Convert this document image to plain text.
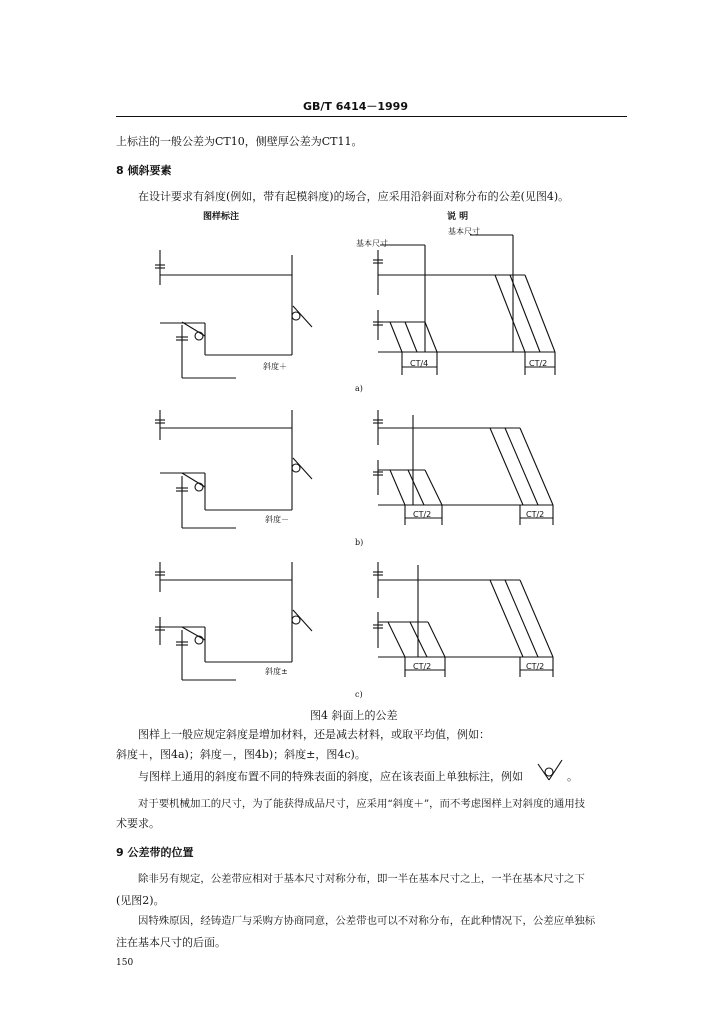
GB/T 6414－1999
上标注的一般公差为CT10，侧壁厚公差为CT11。
8 倾斜要素
在设计要求有斜度(例如，带有起模斜度)的场合，应采用沿斜面对称分布的公差(见图4)。
图样标注	说 明
基本尺寸
基本尺寸
CT/4	CT/2
斜度＋
a)
CT/2	CT/2
斜度－
b)
CT/2	CT/2
斜度±
c)
图4 斜面上的公差
图样上一般应规定斜度是增加材料，还是减去材料，或取平均值，例如：
斜度＋，图4a)；斜度－，图4b)；斜度±，图4c)。
与图样上通用的斜度布置不同的特殊表面的斜度，应在该表面上单独标注，例如	。
对于要机械加工的尺寸，为了能获得成品尺寸，应采用“斜度＋”，而不考虑图样上对斜度的通用技
术要求。
9 公差带的位置
除非另有规定，公差带应相对于基本尺寸对称分布，即一半在基本尺寸之上，一半在基本尺寸之下
(见图2)。
因特殊原因，经铸造厂与采购方协商同意，公差带也可以不对称分布，在此种情况下，公差应单独标
注在基本尺寸的后面。
150
